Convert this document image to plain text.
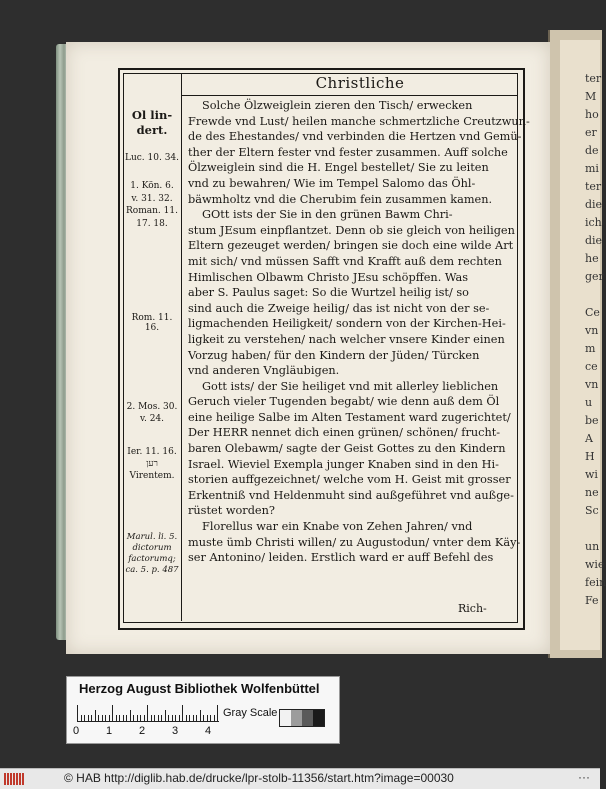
ter
M
ho
er
de
mi
ter
die
ich
die
he
ger

Ce
vn
m
ce
vn
u
be
A
H
wi
ne
Sc

un
wie
fein
Fe
Christliche
Ol lin-
dert.
Luc. 10. 34.
1. Kön. 6.
v. 31. 32.
Roman. 11.
17. 18.
Rom. 11. 16.
2. Mos. 30.
v. 24.
Ier. 11. 16.
רען
Virentem.
Marul. li. 5.
dictorum
factorumq;
ca. 5. p. 487
Solche Ölzweiglein zieren den Tisch/ erwecken
Frewde vnd Lust/ heilen manche schmertzliche Creutzwun-
de des Ehestandes/ vnd verbinden die Hertzen vnd Gemü-
ther der Eltern fester vnd fester zusammen. Auff solche
Ölzweiglein sind die H. Engel bestellet/ Sie zu leiten
vnd zu bewahren/ Wie im Tempel Salomo das Öhl-
bäwmholtz vnd die Cherubim fein zusammen kamen.
GOtt ists der Sie in den grünen Bawm Chri-
stum JEsum einpflantzet. Denn ob sie gleich von heiligen
Eltern gezeuget werden/ bringen sie doch eine wilde Art
mit sich/ vnd müssen Safft vnd Krafft auß dem rechten
Himlischen Olbawm Christo JEsu schöpffen. Was
aber S. Paulus saget: So die Wurtzel heilig ist/ so
sind auch die Zweige heilig/ das ist nicht von der se-
ligmachenden Heiligkeit/ sondern von der Kirchen-Hei-
ligkeit zu verstehen/ nach welcher vnsere Kinder einen
Vorzug haben/ für den Kindern der Jüden/ Türcken
vnd anderen Vngläubigen.
Gott ists/ der Sie heiliget vnd mit allerley lieblichen
Geruch vieler Tugenden begabt/ wie denn auß dem Öl
eine heilige Salbe im Alten Testament ward zugerichtet/
Der HERR nennet dich einen grünen/ schönen/ frucht-
baren Olebawm/ sagte der Geist Gottes zu den Kindern
Israel. Wieviel Exempla junger Knaben sind in den Hi-
storien auffgezeichnet/ welche vom H. Geist mit grosser
Erkentniß vnd Heldenmuht sind außgeführet vnd außge-
rüstet worden?
Florellus war ein Knabe von Zehen Jahren/ vnd
muste ümb Christi willen/ zu Augustodun/ vnter dem Käy-
ser Antonino/ leiden. Erstlich ward er auff Befehl des
Rich-
Herzog August Bibliothek Wolfenbüttel
0 1 2 3 4
Gray Scale
© HAB http://diglib.hab.de/drucke/lpr-stolb-11356/start.htm?image=00030	···
